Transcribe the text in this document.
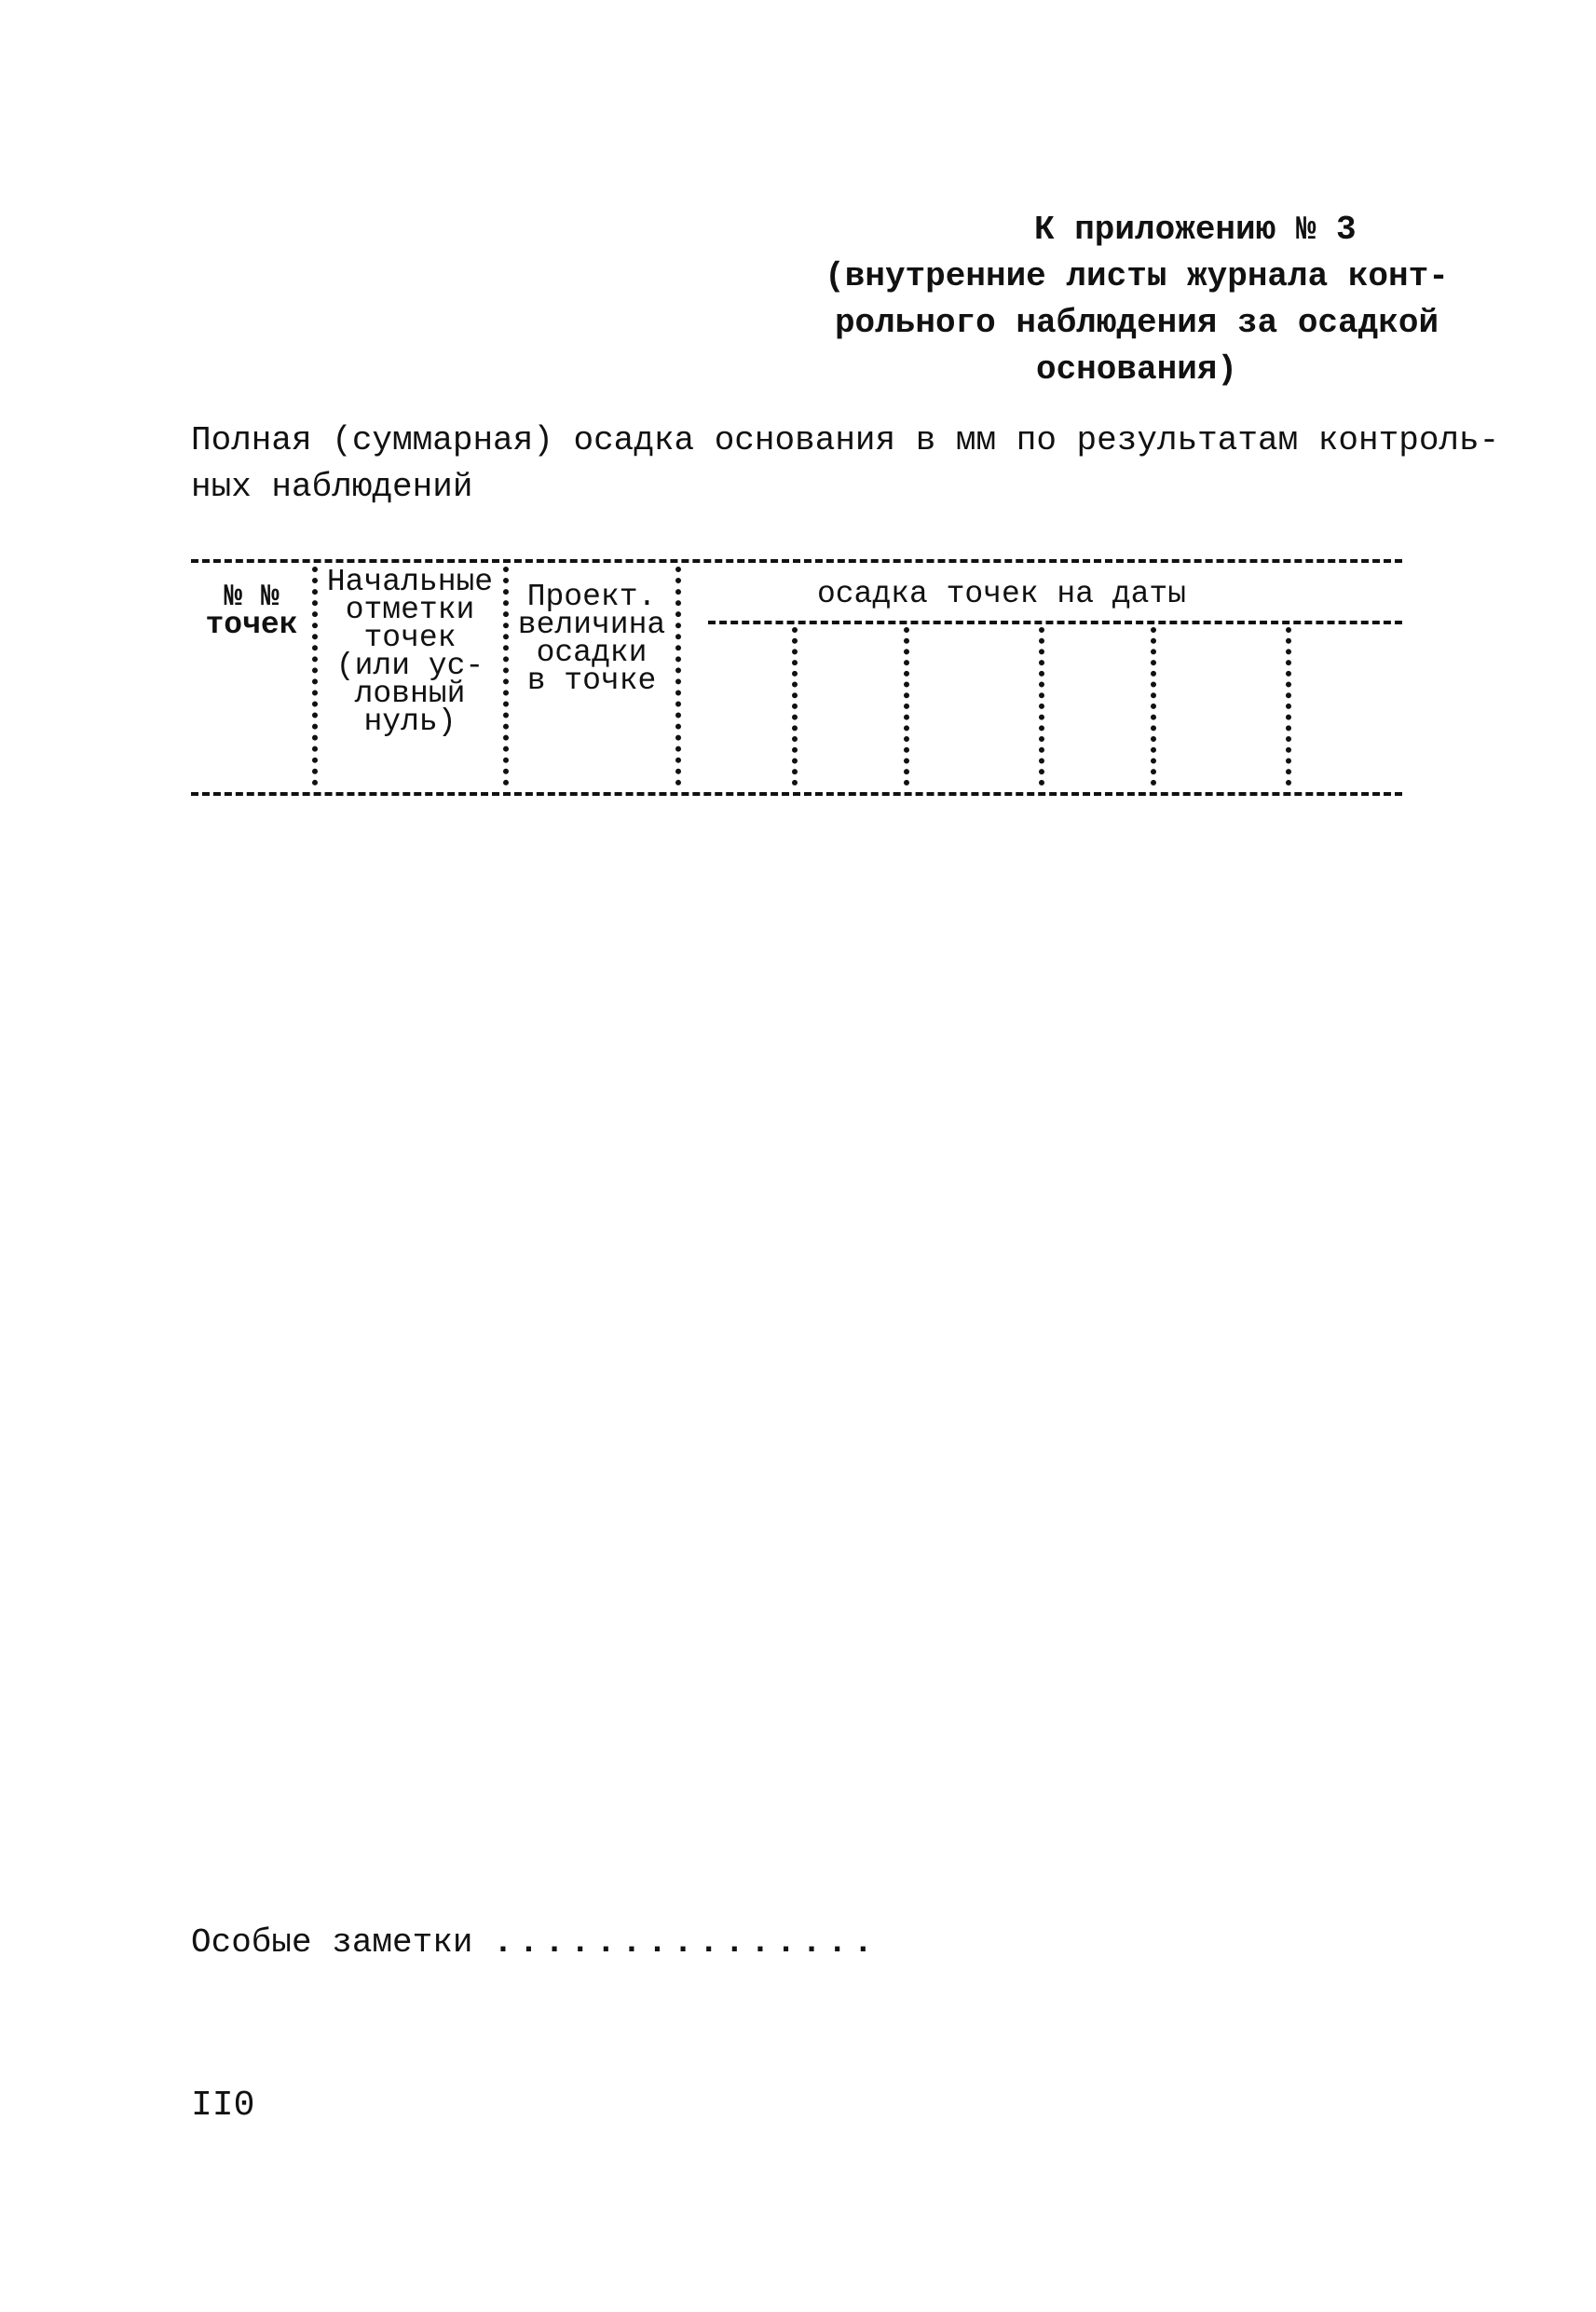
К приложению № 3
(внутренние листы журнала конт-
рольного наблюдения за осадкой
основания)
Полная (суммарная) осадка основания в мм по результатам контроль-
ных наблюдений
№ №
точек
Начальные
отметки
точек
(или ус-
ловный
нуль)
Проект.
величина
осадки
в точке
осадка точек на даты
Особые заметки ...............
II0
